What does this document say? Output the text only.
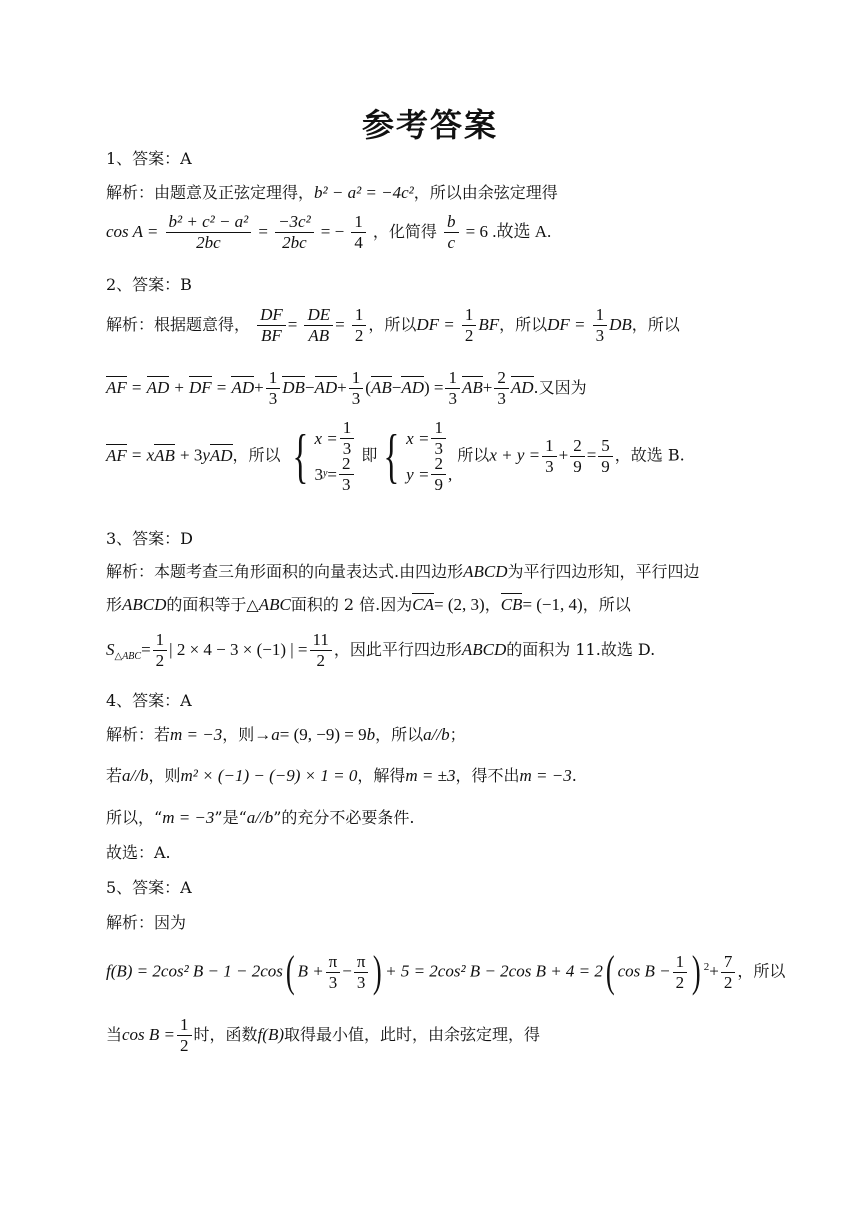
参考答案
1、答案：A
解析：由题意及正弦定理得，b² − a² = −4c²，所以由余弦定理得
$\cos A = \frac{\text{b² + c² − a²}}{2bc} = \frac{\text{−3c²}}{2bc}$ = − $\frac{1}{4}$ ，化简得 $\frac{b}{c} = 6$ .故选 A.
2、答案：B
解析：根据题意得， $\frac{DF}{BF} = \frac{DE}{AB} = \frac{1}{2}$ ，所以DF = $\frac{1}{2}$ BF，所以DF = $\frac{1}{3}$ DB，所以
AF = AD + DF = $AD+ \frac{1}{3} DB-AD+ \frac{1}{3} (AB-AD) = \frac{1}{3} AB+ \frac{2}{3}$ AD.又因为
AF = xAB + 3yAD，所以 { $x = \frac{1}{3}$
3 $y = \frac{2}{3}$ 即 { $x = \frac{1}{3}$
$y = \frac{2}{9}$ ,
所以$x + y = \frac{1}{3} + \frac{2}{9} = \frac{5}{9}$ ，故选 B.
3、答案：D
解析：本题考查三角形面积的向量表达式.由四边形ABCD为平行四边形知，平行四边
形ABCD的面积等于△ABC面积的 2 倍.因为CA= (2, 3)，CB= (−1, 4)，所以
$S_{\triangle ABC}= \frac{1}{2}$ | 2 × 4 − 3 × (−1) | = $\frac{11}{2}$ ，因此平行四边形ABCD的面积为 11.故选 D.
4、答案：A
解析：若m = −3，则→a= (9, −9) = 9b，所以a//b；
若a//b，则m² × (−1) − (−9) × 1 = 0，解得m = ±3，得不出m = −3.
所以，“m = −3”是“a//b”的充分不必要条件.
故选：A.
5、答案：A
解析：因为
f(B) = 2cos² B − 1 − 2cos( $B + \frac{\pi}{3} - \frac{\pi}{3}$ ) + 5 = 2cos² B − 2cos B + 4 = 2( $\cos B - \frac{1}{2}$ ) $^2+ \frac{7}{2}$ ，所以
当$\cos B = \frac{1}{2}$ 时，函数f(B)取得最小值，此时，由余弦定理，得
